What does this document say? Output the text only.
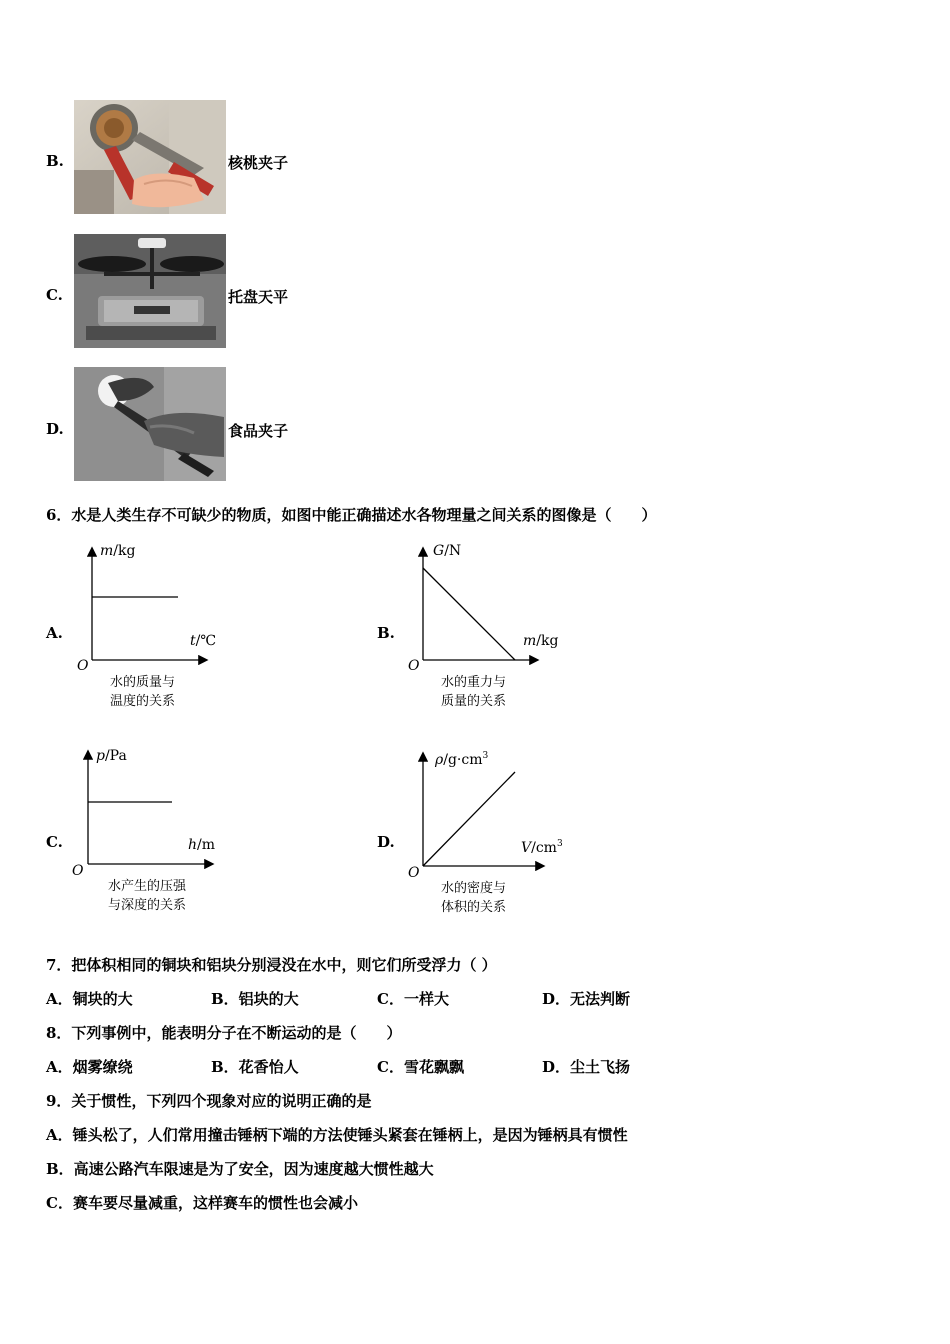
B.	核桃夹子
C.	托盘天平
D.	食品夹子
6．水是人类生存不可缺少的物质，如图中能正确描述水各物理量之间关系的图像是（　　）
A.
m/kg
t/℃
O
水的质量与
温度的关系
B.
G/N
m/kg
O
水的重力与
质量的关系
C.
p/Pa
h/m
O
水产生的压强
与深度的关系
D.
$\rho/g\cdot cm^3$
$V/cm^3$
O
水的密度与
体积的关系
7．把体积相同的铜块和铝块分别浸没在水中，则它们所受浮力（ ）
A．铜块的大	B．铝块的大	C．一样大	D．无法判断
8．下列事例中，能表明分子在不断运动的是（　　）
A．烟雾缭绕	B．花香怡人	C．雪花飘飘	D．尘土飞扬
9．关于惯性，下列四个现象对应的说明正确的是
A．锤头松了，人们常用撞击锤柄下端的方法使锤头紧套在锤柄上，是因为锤柄具有惯性
B．高速公路汽车限速是为了安全，因为速度越大惯性越大
C．赛车要尽量减重，这样赛车的惯性也会减小
